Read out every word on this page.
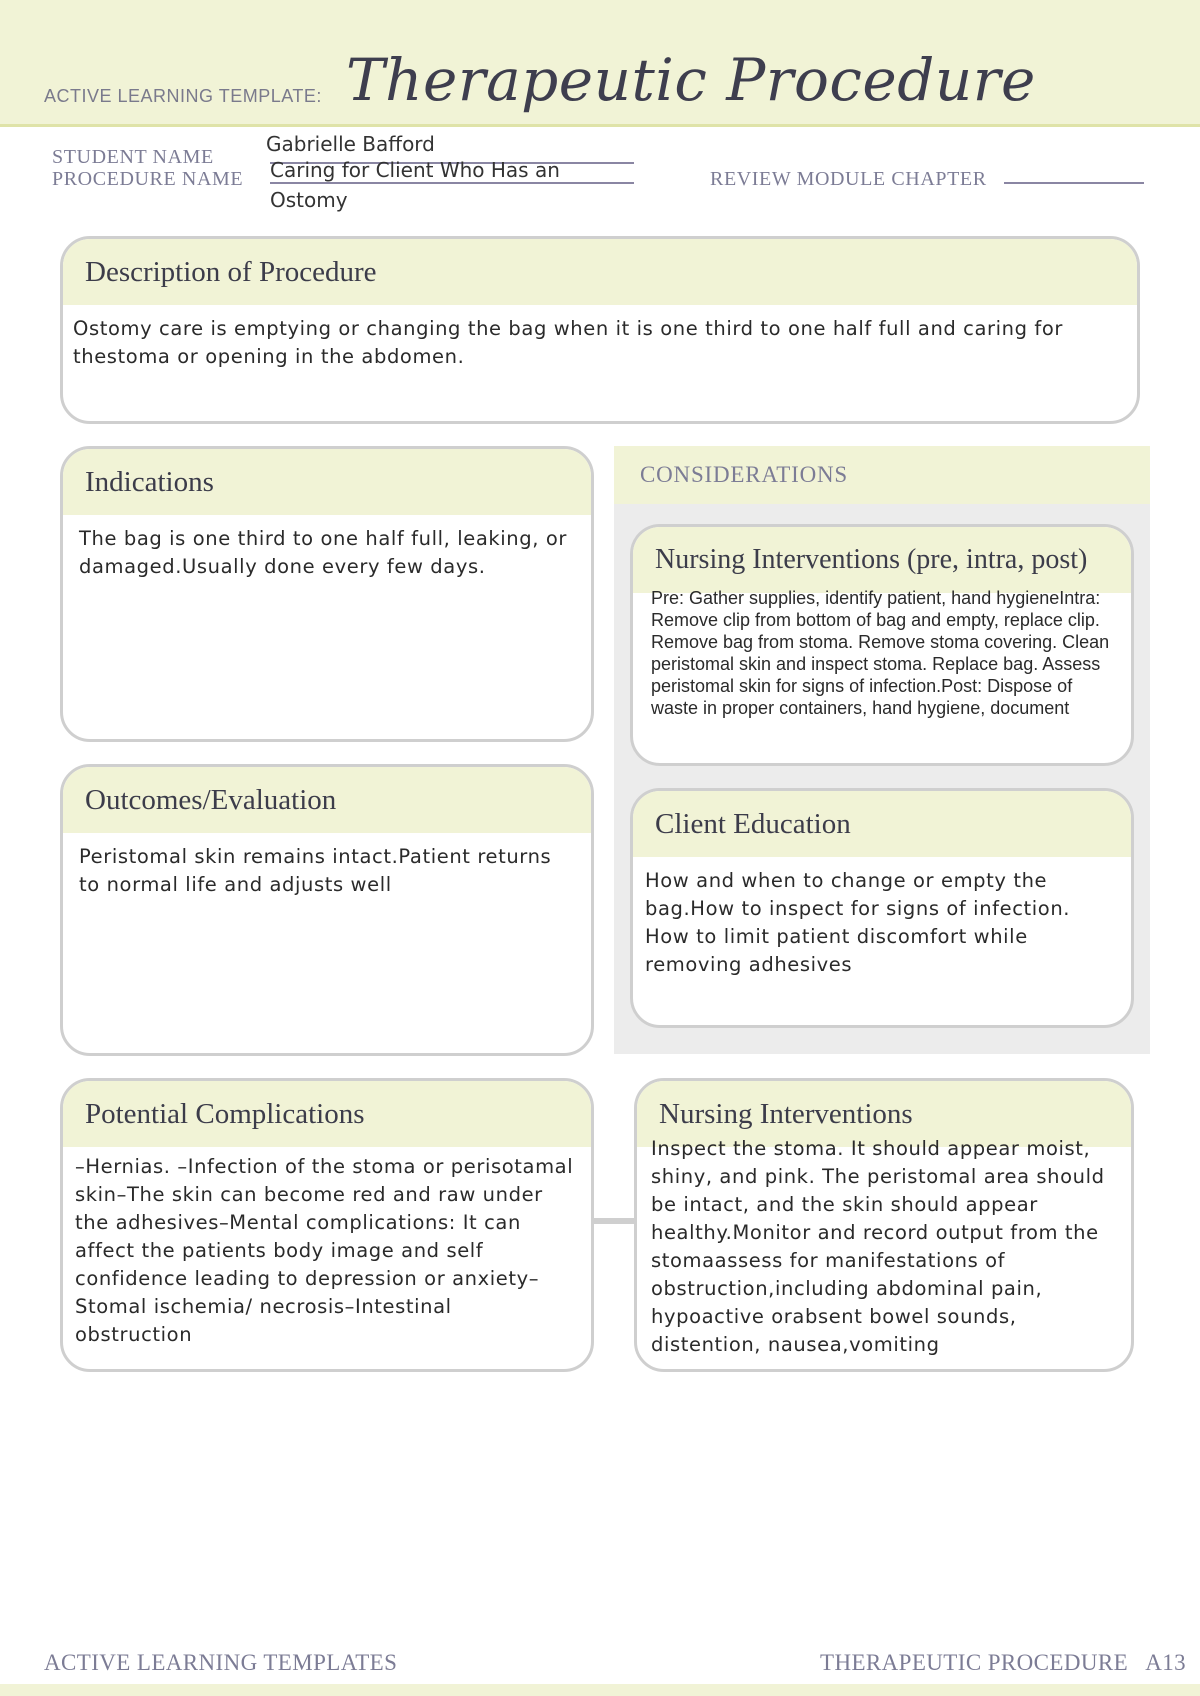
ACTIVE LEARNING TEMPLATE: Therapeutic Procedure
STUDENT NAME
Gabrielle Bafford
PROCEDURE NAME Caring for Client Who Has an
Ostomy
REVIEW MODULE CHAPTER
Description of Procedure
Ostomy care is emptying or changing the bag when it is one third to one half full and caring for thestoma or opening in the abdomen.
Indications
The bag is one third to one half full, leaking, or damaged.Usually done every few days.
Outcomes/Evaluation
Peristomal skin remains intact.Patient returns to normal life and adjusts well
CONSIDERATIONS
Nursing Interventions (pre, intra, post)
Pre: Gather supplies, identify patient, hand hygieneIntra: Remove clip from bottom of bag and empty, replace clip. Remove bag from stoma. Remove stoma covering. Clean peristomal skin and inspect stoma. Replace bag. Assess peristomal skin for signs of infection.Post: Dispose of waste in proper containers, hand hygiene, document
Client Education
How and when to change or empty the bag.How to inspect for signs of infection. How to limit patient discomfort while removing adhesives
Potential Complications
–Hernias. –Infection of the stoma or perisotamal skin–The skin can become red and raw under the adhesives–Mental complications: It can affect the patients body image and self confidence leading to depression or anxiety–Stomal ischemia/ necrosis–Intestinal obstruction
Nursing Interventions
Inspect the stoma. It should appear moist, shiny, and pink. The peristomal area should be intact, and the skin should appear healthy.Monitor and record output from the stomaassess for manifestations of obstruction,including abdominal pain, hypoactive orabsent bowel sounds, distention, nausea,vomiting
ACTIVE LEARNING TEMPLATES	THERAPEUTIC PROCEDURE   A13
